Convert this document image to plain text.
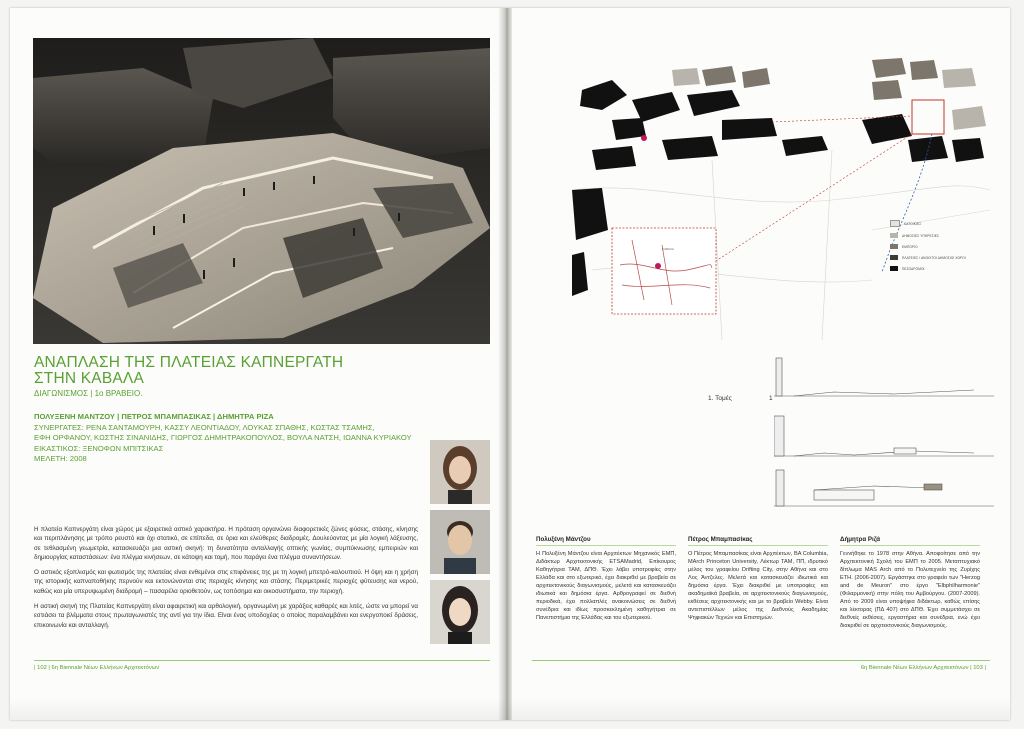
ΑΝΑΠΛΑΣΗ ΤΗΣ ΠΛΑΤΕΙΑΣ ΚΑΠΝΕΡΓΑΤΗ
ΣΤΗΝ ΚΑΒΑΛΑ
ΔΙΑΓΩΝΙΣΜΟΣ | 1ο ΒΡΑΒΕΙΟ.
ΠΟΛΥΞΕΝΗ ΜΑΝΤΖΟΥ | ΠΕΤΡΟΣ ΜΠΑΜΠΑΣΙΚΑΣ | ΔΗΜΗΤΡΑ ΡΙΖΑ
ΣΥΝΕΡΓΑΤΕΣ: ΡΕΝΑ ΣΑΝΤΑΜΟΥΡΗ, ΚΑΣΣΥ ΛΕΟΝΤΙΑΔΟΥ, ΛΟΥΚΑΣ ΣΠΑΘΗΣ, ΚΩΣΤΑΣ ΤΣΑΜΗΣ,
ΕΦΗ ΟΡΦΑΝΟΥ, ΚΩΣΤΗΣ ΣΙΝΑΝΙΔΗΣ, ΓΙΩΡΓΟΣ ΔΗΜΗΤΡΑΚΟΠΟΥΛΟΣ, ΒΟΥΛΑ ΝΑΤΣΗ, ΙΩΑΝΝΑ ΚΥΡΙΑΚΟΥ
ΕΙΚΑΣΤΙΚΟΣ: ΞΕΝΟΦΩΝ ΜΠΙΤΣΙΚΑΣ
ΜΕΛΕΤΗ: 2008

Η πλατεία Καπνεργάτη είναι χώρος με εξαιρετικά αστικό χαρακτήρα. Η πρόταση οργανώνει διαφορετικές ζώνες φύσεις, στάσης, κίνησης και περιπλάνησης με τρόπο ρευστό και όχι στατικό, σε επίπεδα, σε όρια και ελεύθερες διαδρομές. Δουλεύοντας με μία λογική λάξευσης, σε τεθλασμένη γεωμετρία, κατασκευάζει μια αστική σκηνή: τη δυνατότητα ανταλλαγής οπτικής γωνίας, συμπύκνωσης εμπειριών και δημιουργίας καταστάσεων: ένα πλέγμα κινήσεων, σε κάτοψη και τομή, που παράγει ένα πλέγμα συναντήσεων.

Ο αστικός εξοπλισμός και φωτισμός της πλατείας είναι ενθεμένοι στις επιφάνειες της με τη λογική μπετρό-καλουπιού. Η όψη και η χρήση της ιστορικής καπναποθήκης περνούν και εκτονώνονται στις περιοχές κίνησης και στάσης. Περιμετρικές περιοχές φύτευσης και νερού, καθώς και μία υπερυψωμένη διαδρομή – πασαρέλα οριοθετούν, ως τοπόσημα και οικοσυστήματα, την περιοχή.

Η αστική σκηνή της Πλατείας Καπνεργάτη είναι αφαιρετική και αρθολογική, οργανωμένη με χαράξεις καθαρές και λιτές, ώστε να μπορεί να εστιάσει τα βλέμματα στους πρωταγωνιστές της αντί για την ίδια. Είναι ένας υποδοχέας ο οποίος παραλαμβάνει και ενεργοποιεί δράσεις, επικοινωνία και ανταλλαγή.

| 102 | 6η Biennale Νέων Ελλήνων Αρχιτεκτόνων
ΚΑΒΑΛΑ
ΚΑΤΟΙΚΙΕΣ
ΔΗΜΟΣΙΕΣ ΥΠΗΡΕΣΙΕΣ
ΕΜΠΟΡΙΟ
ΠΛΑΤΕΙΕΣ / ΑΝΟΙΧΤΟΙ ΔΗΜΟΣΙΟΙ ΧΩΡΟΙ
ΠΕΖΟΔΡΟΜΟΙ
1. Τομές	1
Πολυξένη Μάντζου
Η Πολυξένη Μάντζου είναι Αρχιτέκτων Μηχανικός ΕΜΠ, Διδάκτωρ Αρχιτεκτονικής ETSAMadrid, Επίκουρος Καθηγήτρια ΤΑΜ, ΔΠΘ. Έχει λάβει υποτροφίες στην Ελλάδα και στο εξωτερικό, έχει διακριθεί με βραβεία σε αρχιτεκτονικούς διαγωνισμούς, μελετά και κατασκευάζει ιδιωτικά και δημόσια έργα. Αρθρογραφεί σε διεθνή περιοδικά, έχει πολλαπλές ανακοινώσεις σε διεθνή συνέδρια και ιδίως προσκεκλημένη καθηγήτρια σε Πανεπιστήμια της Ελλάδας και του εξωτερικού.
Πέτρος Μπαμπασίκας
Ο Πέτρος Μπαμπασίκας είναι Αρχιτέκτων, BA Columbia, MArch Princeton University, Λέκτωρ ΤΑΜ, ΠΠ, ιδρυτικό μέλος του γραφείου Drifting City, στην Αθήνα και στο Λος Άντζελες. Μελετά και κατασκευάζει ιδιωτικά και δημόσια έργα. Έχει διακριθεί με υποτροφίες και ακαδημαϊκά βραβεία, σε αρχιτεκτονικούς διαγωνισμούς, εκθέσεις αρχιτεκτονικής και με το βραβείο Webby. Είναι αντεπιστέλλων μέλος της Διεθνούς Ακαδημίας Ψηφιακών Τεχνών και Επιστημών.
Δήμητρα Ριζά
Γεννήθηκε το 1978 στην Αθήνα. Αποφοίτησε από την Αρχιτεκτονική Σχολή του ΕΜΠ το 2005. Μεταπτυχιακό δίπλωμα MAS Arch από το Πολυτεχνείο της Ζυρίχης ΕΤΗ. (2006-2007). Εργάστηκε στο γραφείο των "Herzog and de Meuron" στο έργο "Elbphilharmonie" (Φιλαρμονική) στην πόλη του Αμβούργου. (2007-2009). Από το 2009 είναι υποψήφια διδάκτωρ, καθώς επίσης και λέκτορας (ΠΔ 407) στο ΔΠΘ. Έχει συμμετάσχει σε διεθνείς εκθέσεις, εργαστήρια και συνέδρια, ενώ έχει διακριθεί σε αρχιτεκτονικούς διαγωνισμούς.
6η Biennale Νέων Ελλήνων Αρχιτεκτόνων | 103 |
